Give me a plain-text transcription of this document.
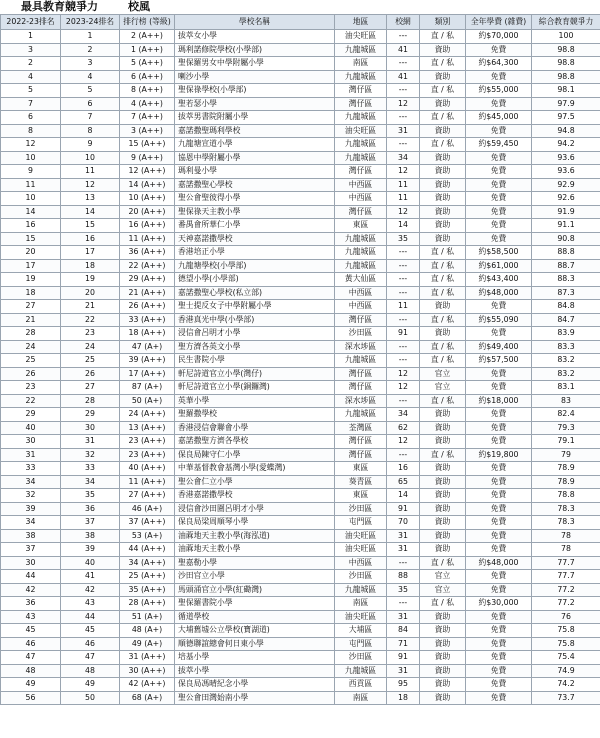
最具教育競爭力	校風
2022-23排名	2023-24排名	排行榜 (等級)	學校名稱	地區	校網	類別	全年學費 (雜費)	綜合教育競爭力
1	1	2 (A++)	拔萃女小學	油尖旺區	---	直 / 私	約$70,000	100
3	2	1 (A++)	瑪利諾修院學校(小學部)	九龍城區	41	資助	免費	98.8
2	3	5 (A++)	聖保羅男女中學附屬小學	南區	---	直 / 私	約$64,300	98.8
4	4	6 (A++)	喇沙小學	九龍城區	41	資助	免費	98.8
5	5	8 (A++)	聖保祿學校(小學部)	灣仔區	---	直 / 私	約$55,000	98.1
7	6	4 (A++)	聖若瑟小學	灣仔區	12	資助	免費	97.9
6	7	7 (A++)	拔萃男書院附屬小學	九龍城區	---	直 / 私	約$45,000	97.5
8	8	3 (A++)	嘉諾撒聖瑪利學校	油尖旺區	31	資助	免費	94.8
12	9	15 (A++)	九龍塘宣道小學	九龍城區	---	直 / 私	約$59,450	94.2
10	10	9 (A++)	協恩中學附屬小學	九龍城區	34	資助	免費	93.6
9	11	12 (A++)	瑪利曼小學	灣仔區	12	資助	免費	93.6
11	12	14 (A++)	嘉諾撒聖心學校	中西區	11	資助	免費	92.9
10	13	10 (A++)	聖公會聖彼得小學	中西區	11	資助	免費	92.6
14	14	20 (A++)	聖保祿天主教小學	灣仔區	12	資助	免費	91.9
16	15	16 (A++)	番禺會所華仁小學	東區	14	資助	免費	91.1
15	16	11 (A++)	天神嘉諾撒學校	九龍城區	35	資助	免費	90.8
20	17	36 (A++)	香港培正小學	九龍城區	---	直 / 私	約$58,500	88.8
17	18	22 (A++)	九龍塘學校(小學部)	九龍城區	---	直 / 私	約$61,000	88.7
19	19	29 (A++)	德望小學(小學部)	黃大仙區	---	直 / 私	約$43,400	88.3
18	20	21 (A++)	嘉諾撒聖心學校(私立部)	中西區	---	直 / 私	約$48,000	87.3
27	21	26 (A++)	聖士提反女子中學附屬小學	中西區	11	資助	免費	84.8
21	22	33 (A++)	香港真光中學(小學部)	灣仔區	---	直 / 私	約$55,090	84.7
28	23	18 (A++)	浸信會呂明才小學	沙田區	91	資助	免費	83.9
24	24	47 (A+)	聖方濟各英文小學	深水埗區	---	直 / 私	約$49,400	83.3
25	25	39 (A++)	民生書院小學	九龍城區	---	直 / 私	約$57,500	83.2
26	26	17 (A++)	軒尼詩道官立小學(灣仔)	灣仔區	12	官立	免費	83.2
23	27	87 (A+)	軒尼詩道官立小學(銅鑼灣)	灣仔區	12	官立	免費	83.1
22	28	50 (A+)	英華小學	深水埗區	---	直 / 私	約$18,000	83
29	29	24 (A++)	聖羅撒學校	九龍城區	34	資助	免費	82.4
40	30	13 (A++)	香港浸信會聯會小學	荃灣區	62	資助	免費	79.3
30	31	23 (A++)	嘉諾撒聖方濟各學校	灣仔區	12	資助	免費	79.1
31	32	23 (A++)	保良局陳守仁小學	灣仔區	---	直 / 私	約$19,800	79
33	33	40 (A++)	中華基督教會基灣小學(愛蝶灣)	東區	16	資助	免費	78.9
34	34	11 (A++)	聖公會仁立小學	葵青區	65	資助	免費	78.9
32	35	27 (A++)	香港嘉諾撒學校	東區	14	資助	免費	78.8
39	36	46 (A+)	浸信會沙田圍呂明才小學	沙田區	91	資助	免費	78.3
34	37	37 (A++)	保良局梁周順琴小學	屯門區	70	資助	免費	78.3
38	38	53 (A+)	油蔴地天主教小學(海泓道)	油尖旺區	31	資助	免費	78
37	39	44 (A++)	油蔴地天主教小學	油尖旺區	31	資助	免費	78
30	40	34 (A++)	聖嘉勒小學	中西區	---	直 / 私	約$48,000	77.7
44	41	25 (A++)	沙田官立小學	沙田區	88	官立	免費	77.7
42	42	35 (A++)	馬頭涌官立小學(紅磡灣)	九龍城區	35	官立	免費	77.2
36	43	28 (A++)	聖保羅書院小學	南區	---	直 / 私	約$30,000	77.2
43	44	51 (A+)	循道學校	油尖旺區	31	資助	免費	76
45	45	48 (A+)	大埔舊墟公立學校(寶湖道)	大埔區	84	資助	免費	75.8
46	46	49 (A+)	順德聯誼總會何日東小學	屯門區	71	資助	免費	75.8
47	47	31 (A++)	培基小學	沙田區	91	資助	免費	75.4
48	48	30 (A++)	拔萃小學	九龍城區	31	資助	免費	74.9
49	49	42 (A++)	保良局馮晴紀念小學	西貢區	95	資助	免費	74.2
56	50	68 (A+)	聖公會田灣始南小學	南區	18	資助	免費	73.7
